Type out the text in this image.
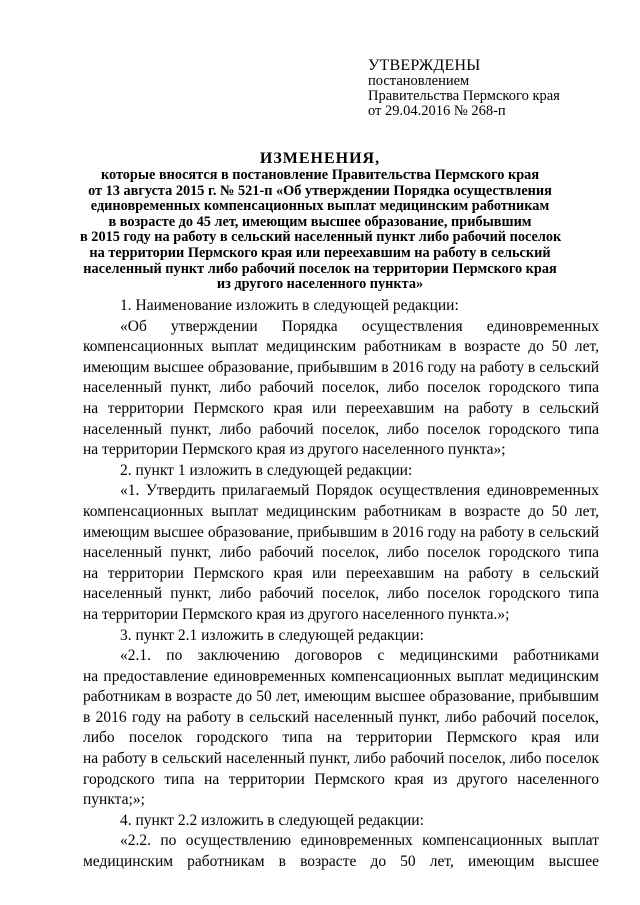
УТВЕРЖДЕНЫ
постановлением
Правительства Пермского края
от 29.04.2016 № 268-п
ИЗМЕНЕНИЯ,
которые вносятся в постановление Правительства Пермского края
от 13 августа 2015 г. № 521-п «Об утверждении Порядка осуществления
единовременных компенсационных выплат медицинским работникам
в возрасте до 45 лет, имеющим высшее образование, прибывшим
в 2015 году на работу в сельский населенный пункт либо рабочий поселок
на территории Пермского края или переехавшим на работу в сельский
населенный пункт либо рабочий поселок на территории Пермского края
из другого населенного пункта»
1. Наименование изложить в следующей редакции:
«Об утверждении Порядка осуществления единовременных
компенсационных выплат медицинским работникам в возрасте до 50 лет,
имеющим высшее образование, прибывшим в 2016 году на работу в сельский
населенный пункт, либо рабочий поселок, либо поселок городского типа
на территории Пермского края или переехавшим на работу в сельский
населенный пункт, либо рабочий поселок, либо поселок городского типа
на территории Пермского края из другого населенного пункта»;
2. пункт 1 изложить в следующей редакции:
«1. Утвердить прилагаемый Порядок осуществления единовременных
компенсационных выплат медицинским работникам в возрасте до 50 лет,
имеющим высшее образование, прибывшим в 2016 году на работу в сельский
населенный пункт, либо рабочий поселок, либо поселок городского типа
на территории Пермского края или переехавшим на работу в сельский
населенный пункт, либо рабочий поселок, либо поселок городского типа
на территории Пермского края из другого населенного пункта.»;
3. пункт 2.1 изложить в следующей редакции:
«2.1. по заключению договоров с медицинскими работниками
на предоставление единовременных компенсационных выплат медицинским
работникам в возрасте до 50 лет, имеющим высшее образование, прибывшим
в 2016 году на работу в сельский населенный пункт, либо рабочий поселок,
либо поселок городского типа на территории Пермского края или
на работу в сельский населенный пункт, либо рабочий поселок, либо поселок
городского типа на территории Пермского края из другого населенного
пункта;»;
4. пункт 2.2 изложить в следующей редакции:
«2.2. по осуществлению единовременных компенсационных выплат
медицинским работникам в возрасте до 50 лет, имеющим высшее
